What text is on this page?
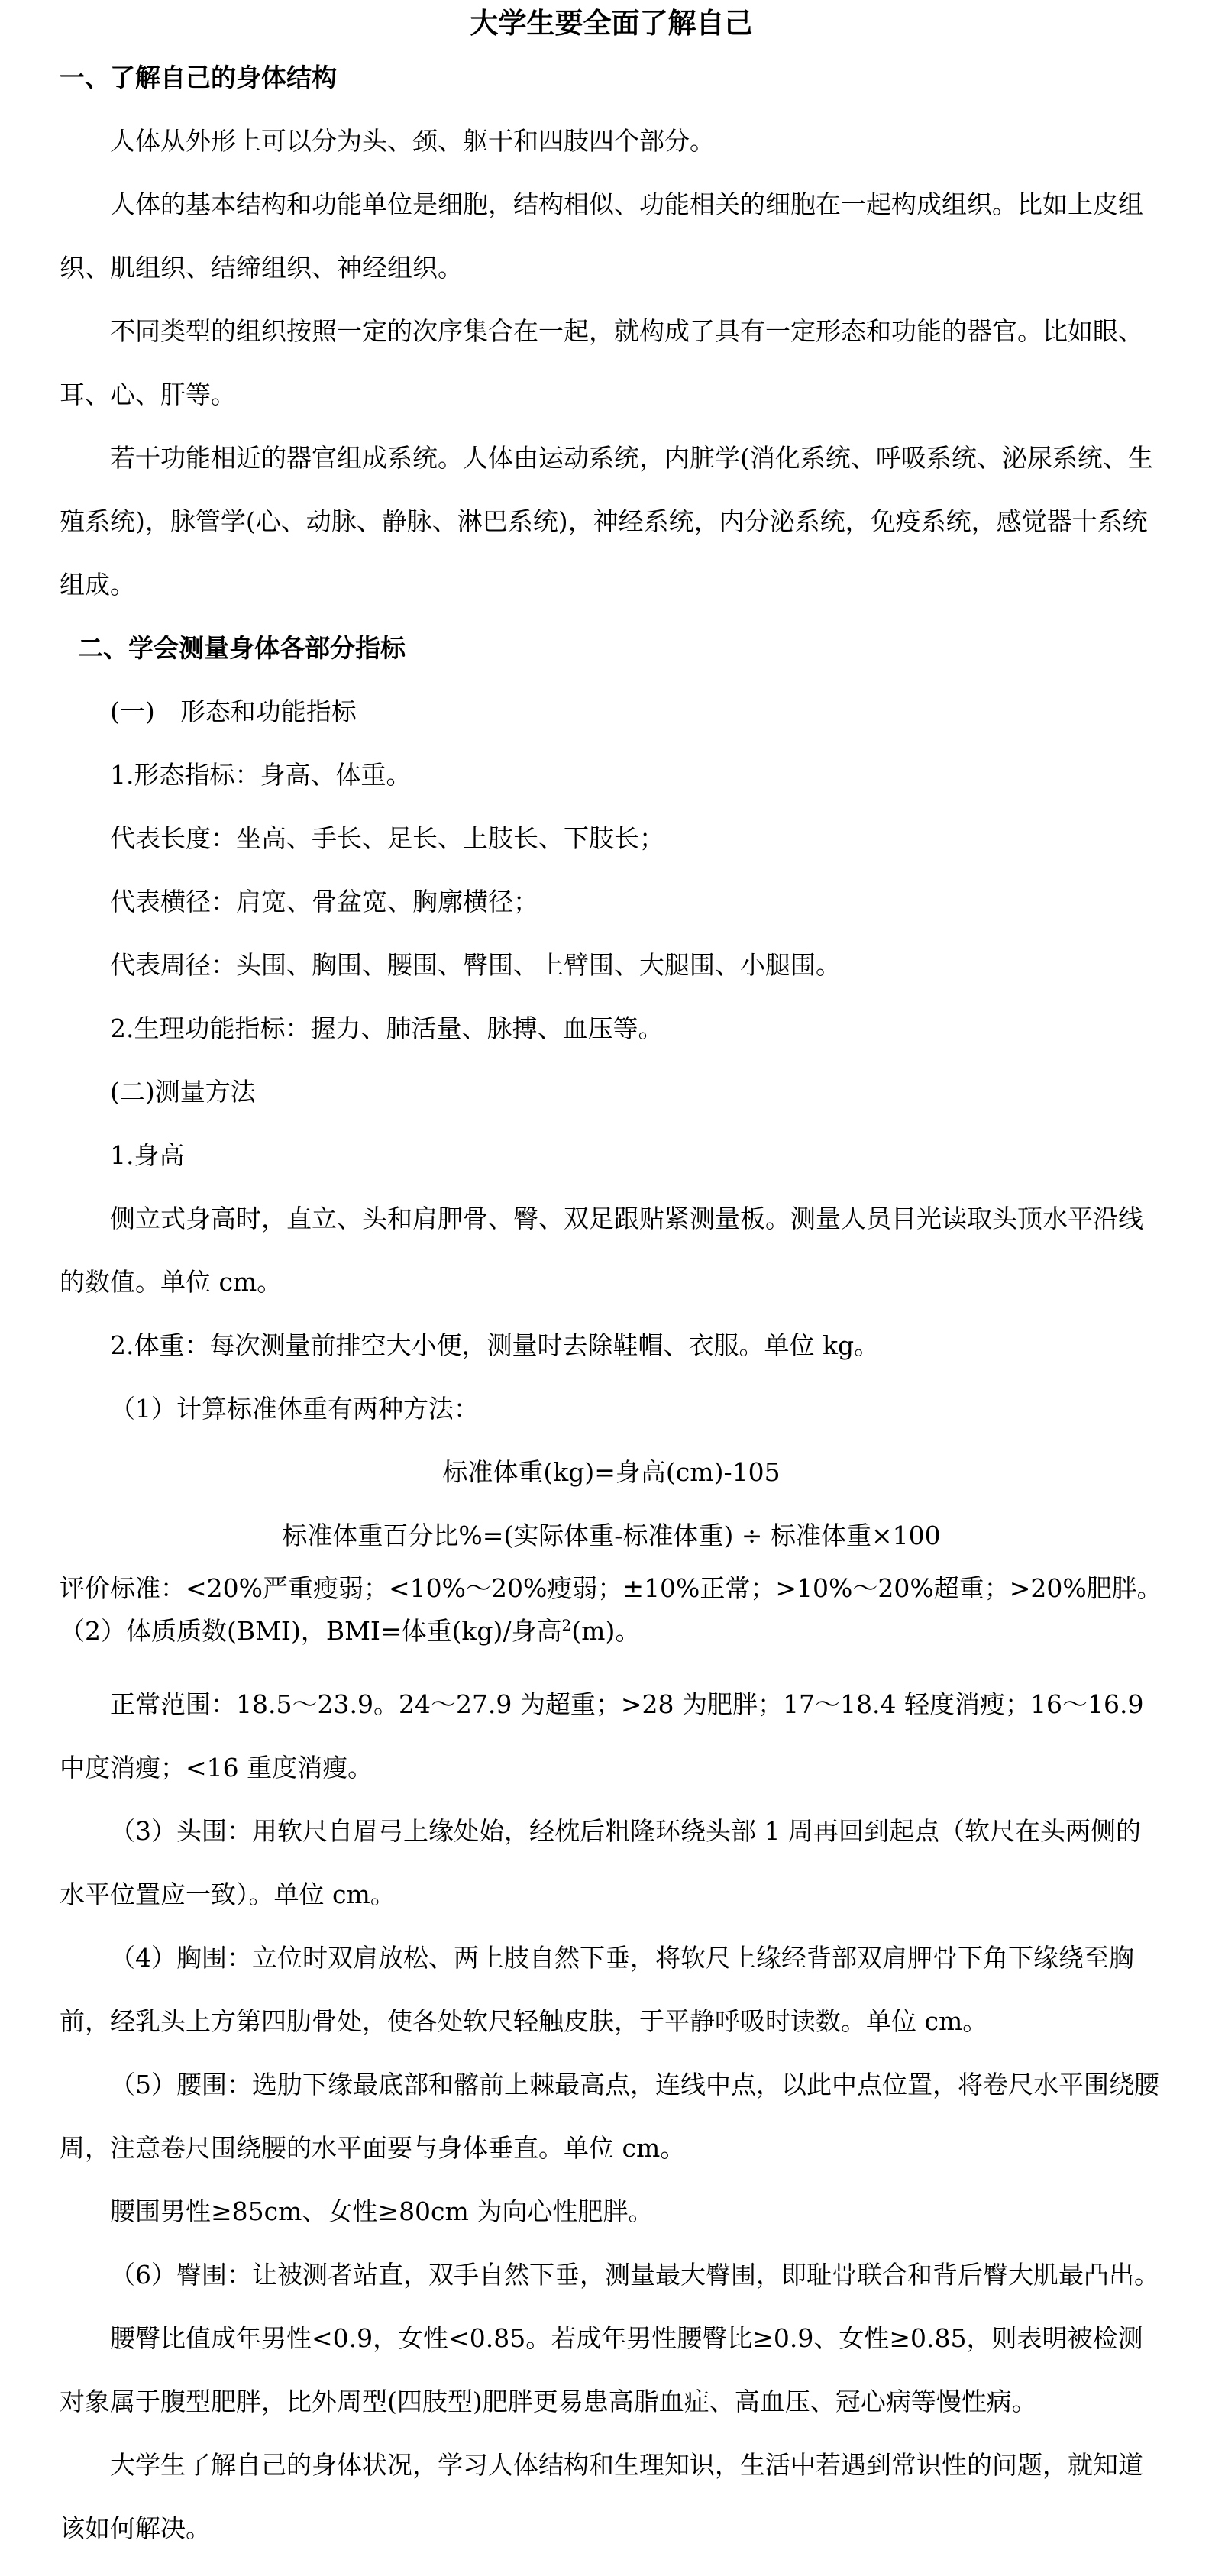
大学生要全面了解自己
一、了解自己的身体结构

人体从外形上可以分为头、颈、躯干和四肢四个部分。

人体的基本结构和功能单位是细胞，结构相似、功能相关的细胞在一起构成组织。比如上皮组织、肌组织、结缔组织、神经组织。

不同类型的组织按照一定的次序集合在一起，就构成了具有一定形态和功能的器官。比如眼、耳、心、肝等。

若干功能相近的器官组成系统。人体由运动系统，内脏学(消化系统、呼吸系统、泌尿系统、生殖系统)，脉管学(心、动脉、静脉、淋巴系统)，神经系统，内分泌系统，免疫系统，感觉器十系统组成。

二、学会测量身体各部分指标

(一)　形态和功能指标

1.形态指标：身高、体重。

代表长度：坐高、手长、足长、上肢长、下肢长；

代表横径：肩宽、骨盆宽、胸廓横径；

代表周径：头围、胸围、腰围、臀围、上臂围、大腿围、小腿围。

2.生理功能指标：握力、肺活量、脉搏、血压等。

(二)测量方法

1.身高

侧立式身高时，直立、头和肩胛骨、臀、双足跟贴紧测量板。测量人员目光读取头顶水平沿线的数值。单位 cm。

2.体重：每次测量前排空大小便，测量时去除鞋帽、衣服。单位 kg。

（1）计算标准体重有两种方法：

标准体重(kg)=身高(cm)-105

标准体重百分比%=(实际体重-标准体重) ÷ 标准体重×100

评价标准：<20%严重瘦弱；<10%～20%瘦弱；±10%正常；>10%～20%超重；>20%肥胖。

（2）体质质数(BMI)，BMI=体重(kg)/身高$^2$(m)。

正常范围：18.5～23.9。24～27.9 为超重；>28 为肥胖；17～18.4 轻度消瘦；16～16.9 中度消瘦；<16 重度消瘦。

（3）头围：用软尺自眉弓上缘处始，经枕后粗隆环绕头部 1 周再回到起点（软尺在头两侧的水平位置应一致）。单位 cm。

（4）胸围：立位时双肩放松、两上肢自然下垂，将软尺上缘经背部双肩胛骨下角下缘绕至胸前，经乳头上方第四肋骨处，使各处软尺轻触皮肤，于平静呼吸时读数。单位 cm。

（5）腰围：选肋下缘最底部和髂前上棘最高点，连线中点，以此中点位置，将卷尺水平围绕腰周，注意卷尺围绕腰的水平面要与身体垂直。单位 cm。

腰围男性≥85cm、女性≥80cm 为向心性肥胖。

（6）臀围：让被测者站直，双手自然下垂，测量最大臀围，即耻骨联合和背后臀大肌最凸出。

腰臀比值成年男性<0.9，女性<0.85。若成年男性腰臀比≥0.9、女性≥0.85，则表明被检测对象属于腹型肥胖，比外周型(四肢型)肥胖更易患高脂血症、高血压、冠心病等慢性病。

大学生了解自己的身体状况，学习人体结构和生理知识，生活中若遇到常识性的问题，就知道该如何解决。
